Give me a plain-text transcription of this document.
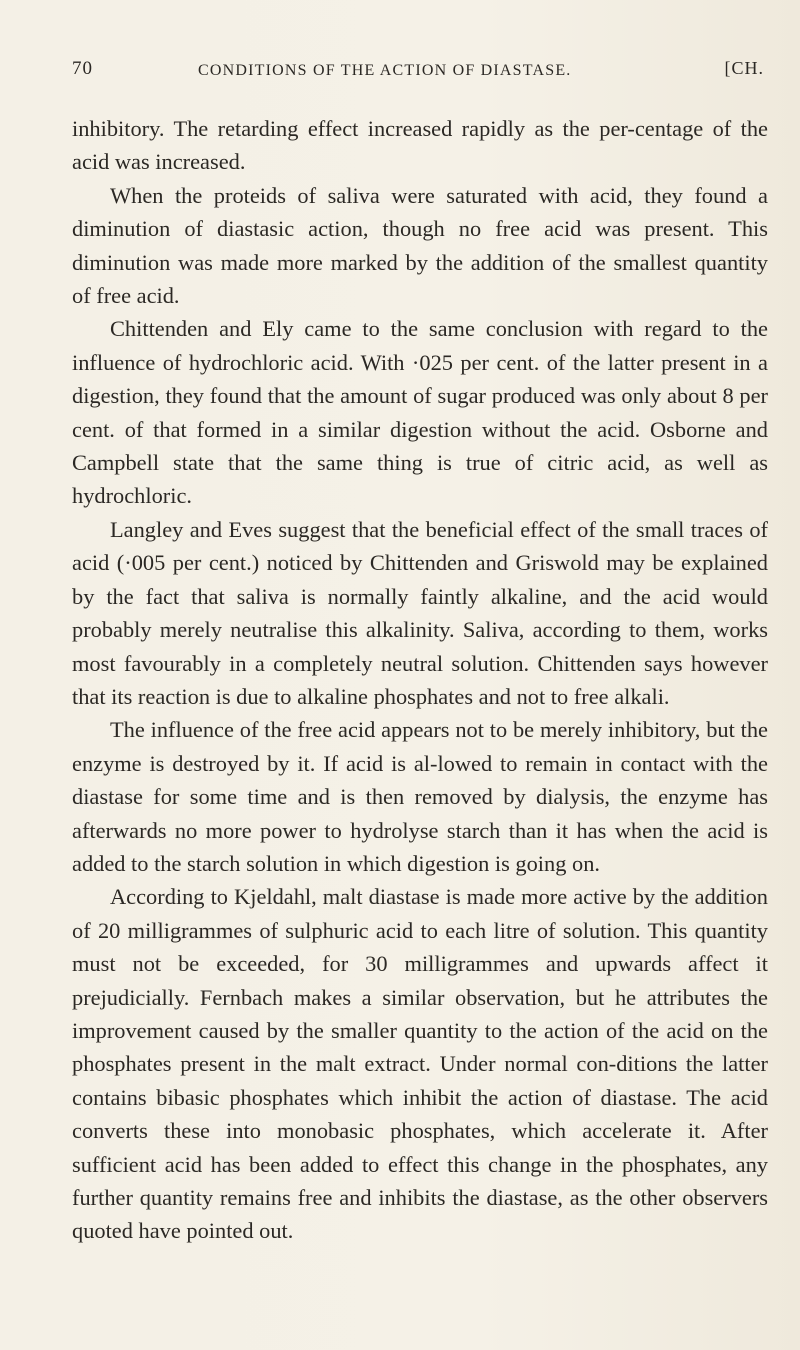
70	CONDITIONS OF THE ACTION OF DIASTASE.	[CH.

inhibitory. The retarding effect increased rapidly as the per-centage of the acid was increased.

When the proteids of saliva were saturated with acid, they found a diminution of diastasic action, though no free acid was present. This diminution was made more marked by the addition of the smallest quantity of free acid.

Chittenden and Ely came to the same conclusion with regard to the influence of hydrochloric acid. With ·025 per cent. of the latter present in a digestion, they found that the amount of sugar produced was only about 8 per cent. of that formed in a similar digestion without the acid. Osborne and Campbell state that the same thing is true of citric acid, as well as hydrochloric.

Langley and Eves suggest that the beneficial effect of the small traces of acid (·005 per cent.) noticed by Chittenden and Griswold may be explained by the fact that saliva is normally faintly alkaline, and the acid would probably merely neutralise this alkalinity. Saliva, according to them, works most favourably in a completely neutral solution. Chittenden says however that its reaction is due to alkaline phosphates and not to free alkali.

The influence of the free acid appears not to be merely inhibitory, but the enzyme is destroyed by it. If acid is al-lowed to remain in contact with the diastase for some time and is then removed by dialysis, the enzyme has afterwards no more power to hydrolyse starch than it has when the acid is added to the starch solution in which digestion is going on.

According to Kjeldahl, malt diastase is made more active by the addition of 20 milligrammes of sulphuric acid to each litre of solution. This quantity must not be exceeded, for 30 milligrammes and upwards affect it prejudicially. Fernbach makes a similar observation, but he attributes the improvement caused by the smaller quantity to the action of the acid on the phosphates present in the malt extract. Under normal con-ditions the latter contains bibasic phosphates which inhibit the action of diastase. The acid converts these into monobasic phosphates, which accelerate it. After sufficient acid has been added to effect this change in the phosphates, any further quantity remains free and inhibits the diastase, as the other observers quoted have pointed out.
